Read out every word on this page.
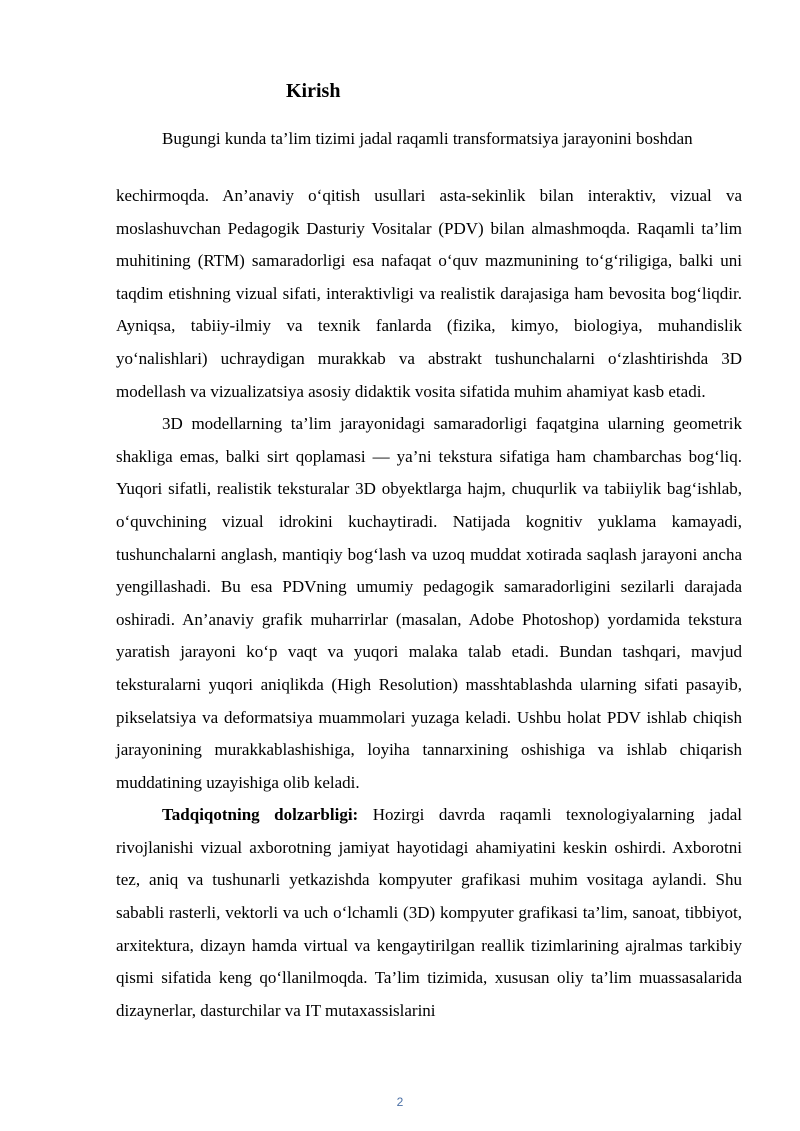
Kirish

Bugungi kunda ta’lim tizimi jadal raqamli transformatsiya jarayonini boshdan

kechirmoqda. An’anaviy o‘qitish usullari asta-sekinlik bilan interaktiv, vizual va moslashuvchan Pedagogik Dasturiy Vositalar (PDV) bilan almashmoqda. Raqamli ta’lim muhitining (RTM) samaradorligi esa nafaqat o‘quv mazmunining to‘g‘riligiga, balki uni taqdim etishning vizual sifati, interaktivligi va realistik darajasiga ham bevosita bog‘liqdir. Ayniqsa, tabiiy-ilmiy va texnik fanlarda (fizika, kimyo, biologiya, muhandislik yo‘nalishlari) uchraydigan murakkab va abstrakt tushunchalarni o‘zlashtirishda 3D modellash va vizualizatsiya asosiy didaktik vosita sifatida muhim ahamiyat kasb etadi.

3D modellarning ta’lim jarayonidagi samaradorligi faqatgina ularning geometrik shakliga emas, balki sirt qoplamasi — ya’ni tekstura sifatiga ham chambarchas bog‘liq. Yuqori sifatli, realistik teksturalar 3D obyektlarga hajm, chuqurlik va tabiiylik bag‘ishlab, o‘quvchining vizual idrokini kuchaytiradi. Natijada kognitiv yuklama kamayadi, tushunchalarni anglash, mantiqiy bog‘lash va uzoq muddat xotirada saqlash jarayoni ancha yengillashadi. Bu esa PDVning umumiy pedagogik samaradorligini sezilarli darajada oshiradi. An’anaviy grafik muharrirlar (masalan, Adobe Photoshop) yordamida tekstura yaratish jarayoni ko‘p vaqt va yuqori malaka talab etadi. Bundan tashqari, mavjud teksturalarni yuqori aniqlikda (High Resolution) masshtablashda ularning sifati pasayib, pikselatsiya va deformatsiya muammolari yuzaga keladi. Ushbu holat PDV ishlab chiqish jarayonining murakkablashishiga, loyiha tannarxining oshishiga va ishlab chiqarish muddatining uzayishiga olib keladi.

Tadqiqotning dolzarbligi: Hozirgi davrda raqamli texnologiyalarning jadal rivojlanishi vizual axborotning jamiyat hayotidagi ahamiyatini keskin oshirdi. Axborotni tez, aniq va tushunarli yetkazishda kompyuter grafikasi muhim vositaga aylandi. Shu sababli rasterli, vektorli va uch o‘lchamli (3D) kompyuter grafikasi ta’lim, sanoat, tibbiyot, arxitektura, dizayn hamda virtual va kengaytirilgan reallik tizimlarining ajralmas tarkibiy qismi sifatida keng qo‘llanilmoqda. Ta’lim tizimida, xususan oliy ta’lim muassasalarida dizaynerlar, dasturchilar va IT mutaxassislarini

2
